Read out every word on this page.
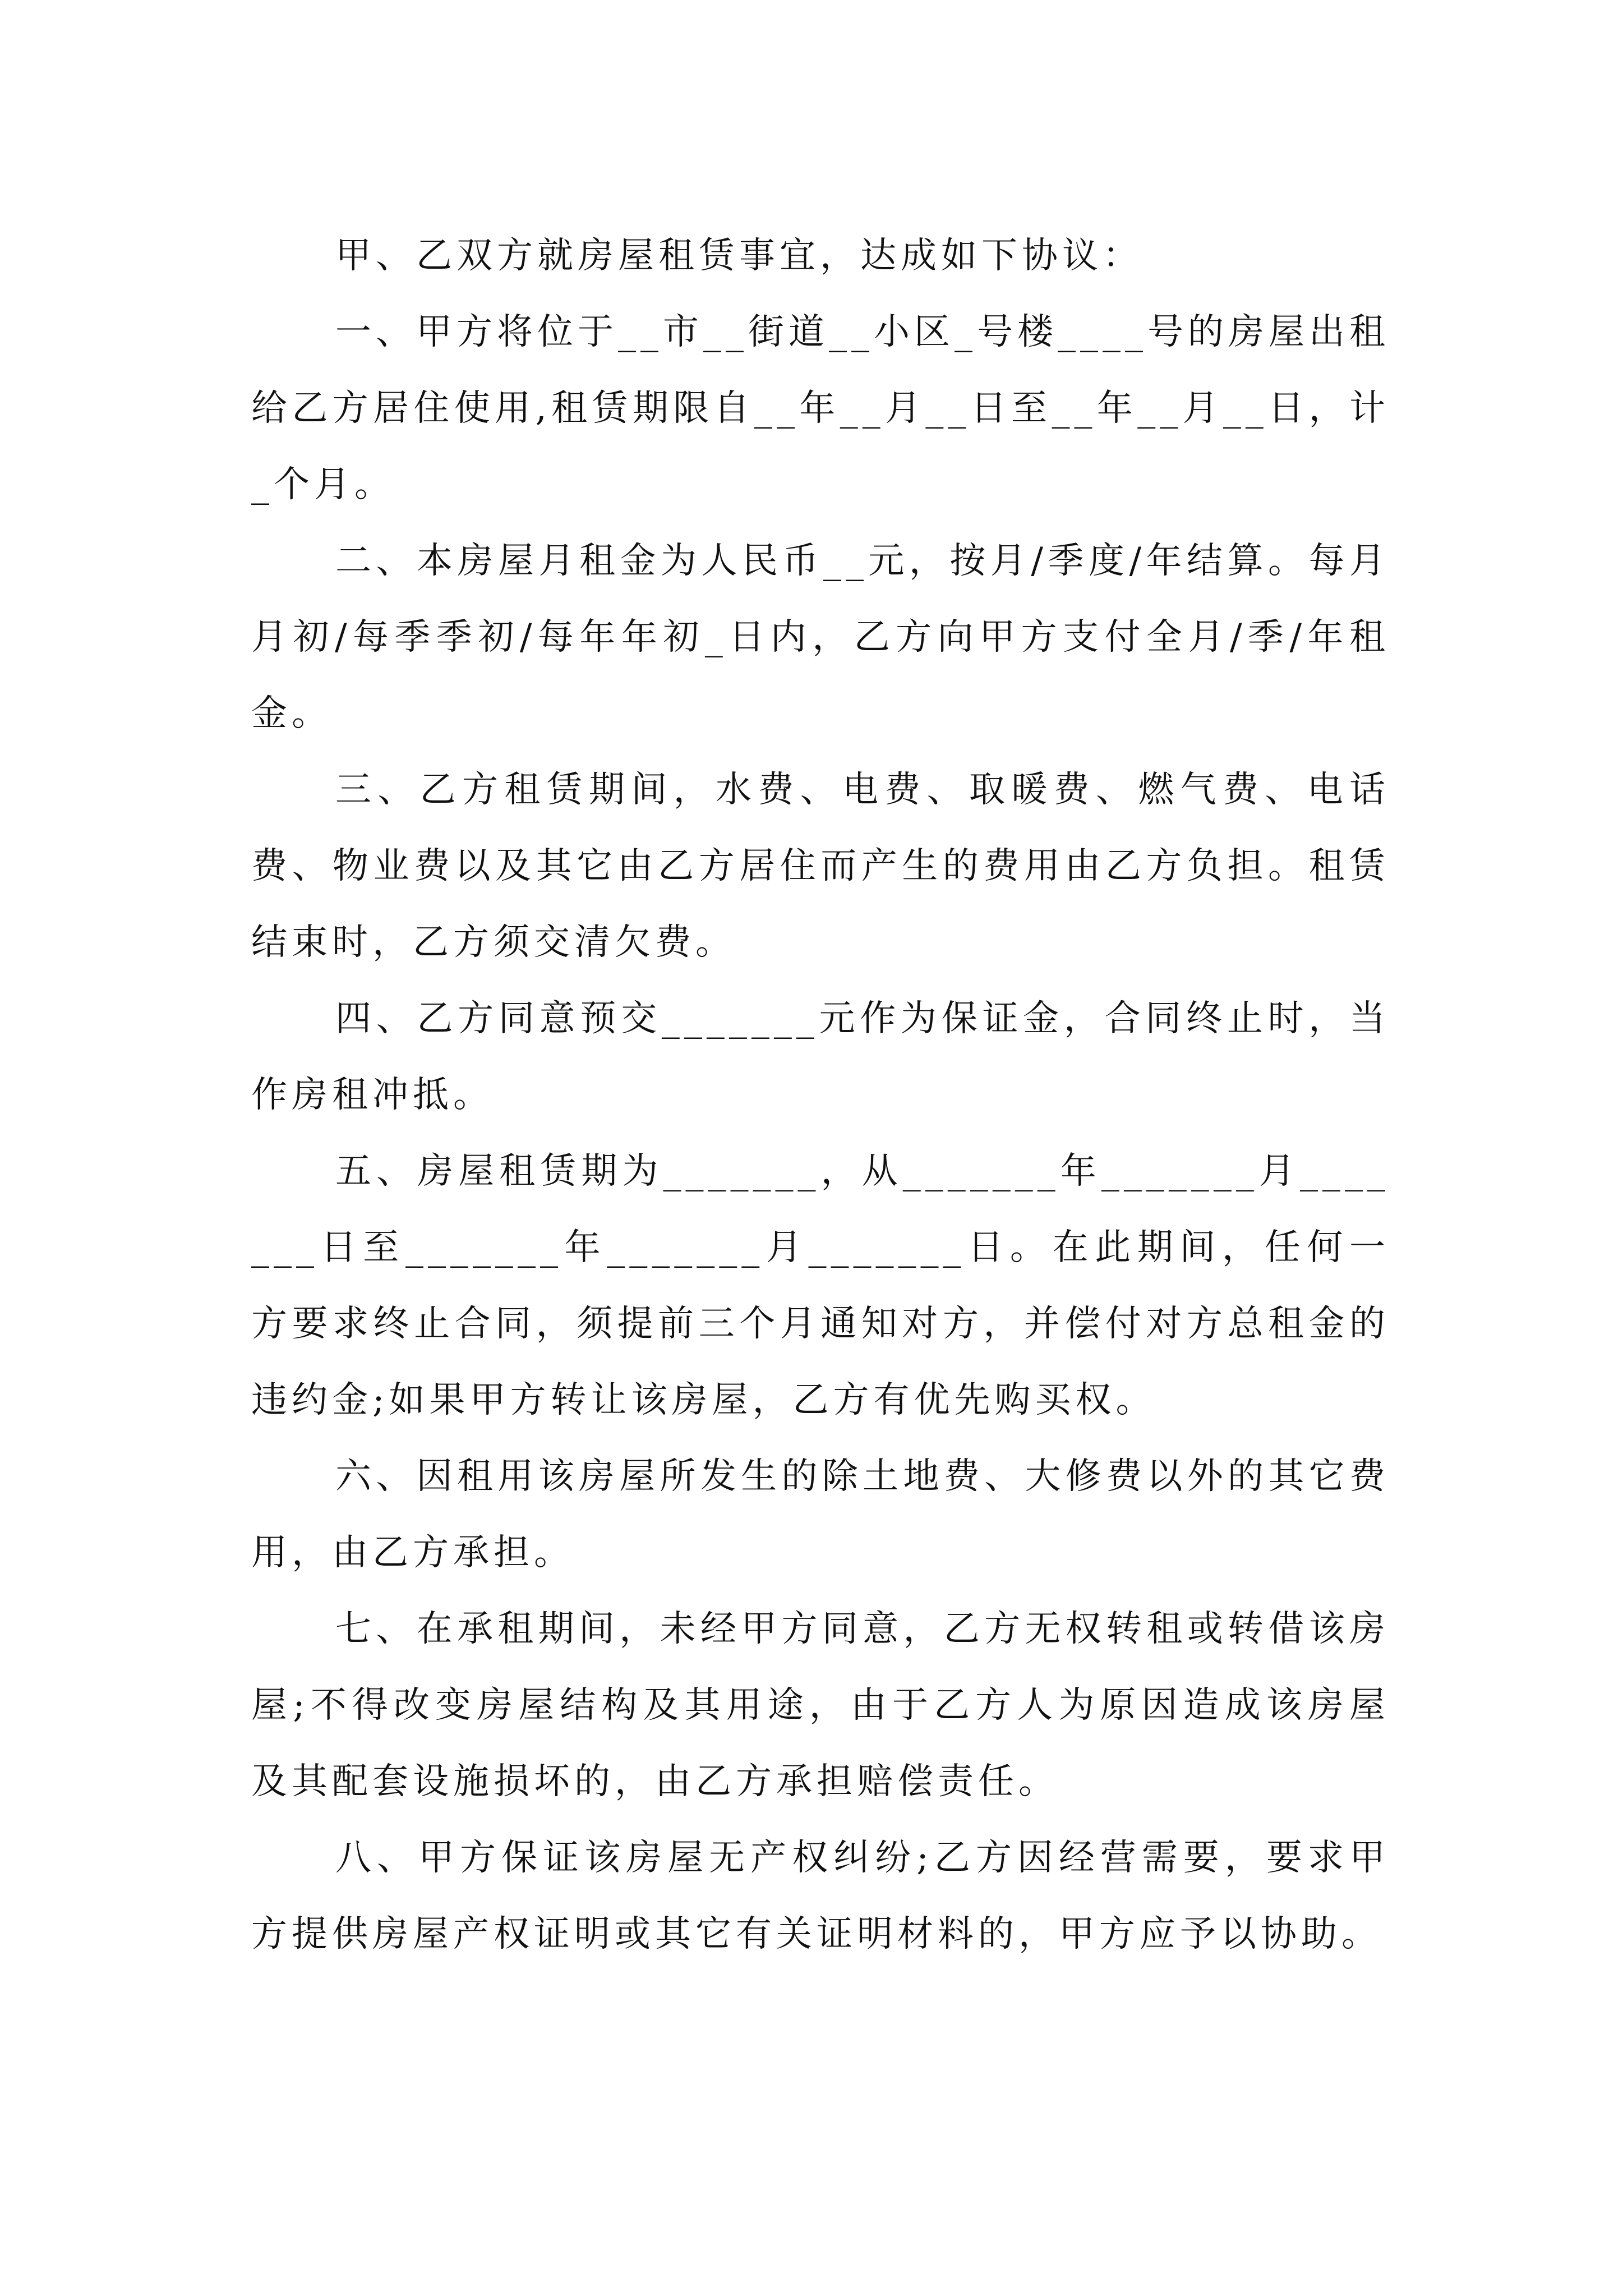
甲、乙双方就房屋租赁事宜，达成如下协议：

一、甲方将位于__市__街道__小区_号楼____号的房屋出租给乙方居住使用,租赁期限自__年__月__日至__年__月__日，计_个月。

二、本房屋月租金为人民币__元，按月/季度/年结算。每月月初/每季季初/每年年初_日内，乙方向甲方支付全月/季/年租金。

三、乙方租赁期间，水费、电费、取暖费、燃气费、电话费、物业费以及其它由乙方居住而产生的费用由乙方负担。租赁结束时，乙方须交清欠费。

四、乙方同意预交_______元作为保证金，合同终止时，当作房租冲抵。

五、房屋租赁期为_______，从_______年_______月_______日至_______年_______月_______日。在此期间，任何一方要求终止合同，须提前三个月通知对方，并偿付对方总租金的违约金;如果甲方转让该房屋，乙方有优先购买权。

六、因租用该房屋所发生的除土地费、大修费以外的其它费用，由乙方承担。

七、在承租期间，未经甲方同意，乙方无权转租或转借该房屋;不得改变房屋结构及其用途，由于乙方人为原因造成该房屋及其配套设施损坏的，由乙方承担赔偿责任。

八、甲方保证该房屋无产权纠纷;乙方因经营需要，要求甲方提供房屋产权证明或其它有关证明材料的，甲方应予以协助。
